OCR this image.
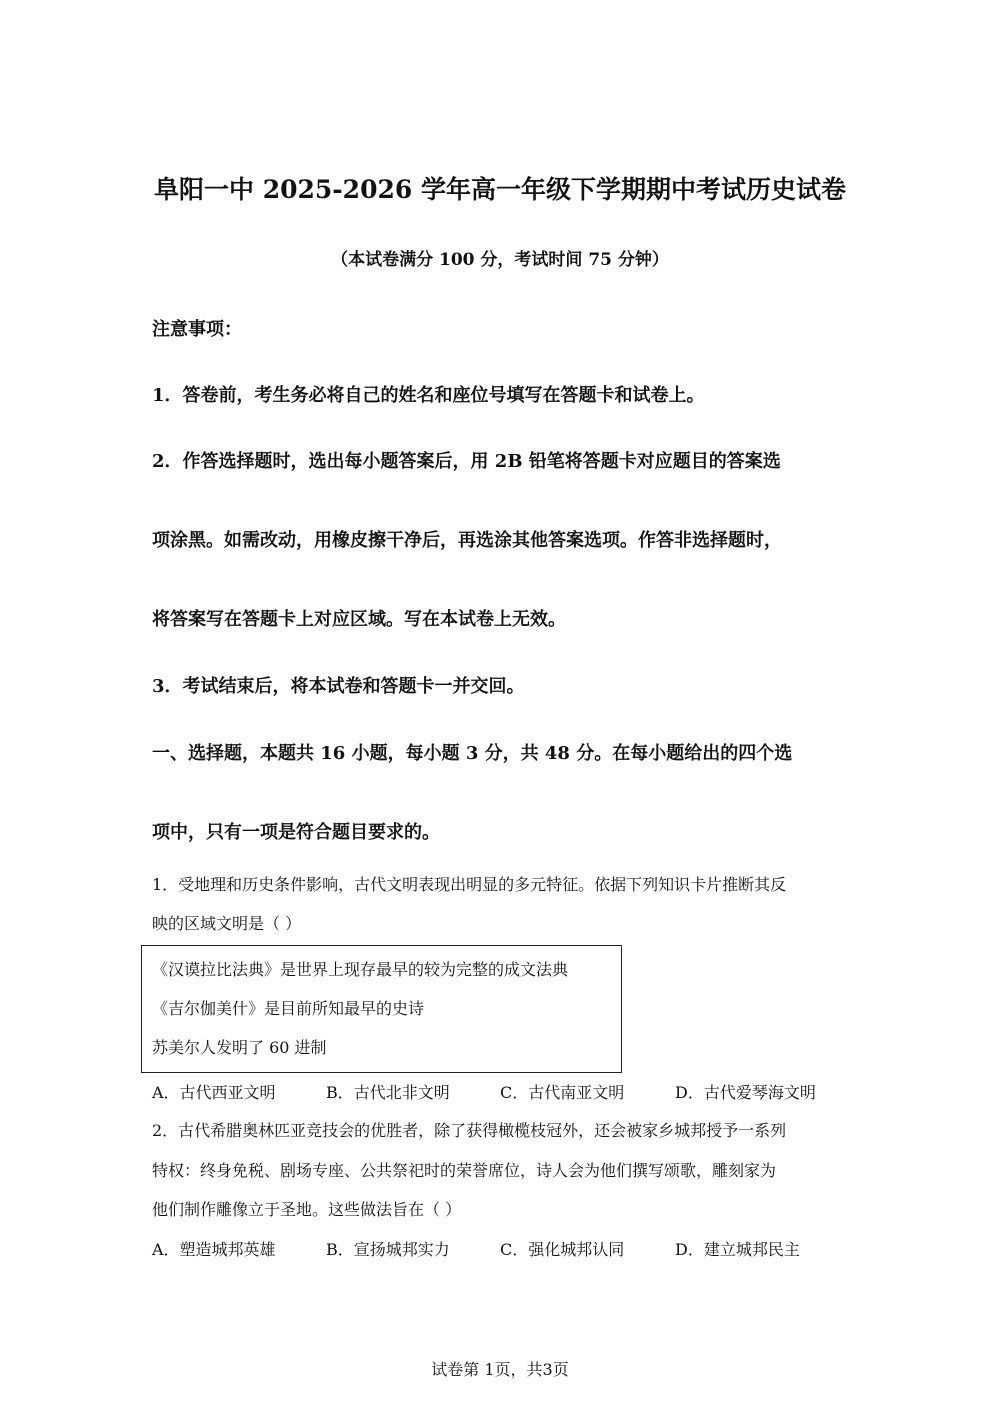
阜阳一中 2025-2026 学年高一年级下学期期中考试历史试卷
（本试卷满分 100 分，考试时间 75 分钟）
注意事项：
1．答卷前，考生务必将自己的姓名和座位号填写在答题卡和试卷上。
2．作答选择题时，选出每小题答案后，用 2B 铅笔将答题卡对应题目的答案选
项涂黑。如需改动，用橡皮擦干净后，再选涂其他答案选项。作答非选择题时，
将答案写在答题卡上对应区域。写在本试卷上无效。
3．考试结束后，将本试卷和答题卡一并交回。
一、选择题，本题共 16 小题，每小题 3 分，共 48 分。在每小题给出的四个选
项中，只有一项是符合题目要求的。
1．受地理和历史条件影响，古代文明表现出明显的多元特征。依据下列知识卡片推断其反
映的区域文明是（ ）
《汉谟拉比法典》是世界上现存最早的较为完整的成文法典
《吉尔伽美什》是目前所知最早的史诗
苏美尔人发明了 60 进制
A．古代西亚文明	B．古代北非文明	C．古代南亚文明	D．古代爱琴海文明
2．古代希腊奥林匹亚竞技会的优胜者，除了获得橄榄枝冠外，还会被家乡城邦授予一系列
特权：终身免税、剧场专座、公共祭祀时的荣誉席位，诗人会为他们撰写颂歌，雕刻家为
他们制作雕像立于圣地。这些做法旨在（ ）
A．塑造城邦英雄	B．宣扬城邦实力	C．强化城邦认同	D．建立城邦民主
试卷第 1页，共3页
